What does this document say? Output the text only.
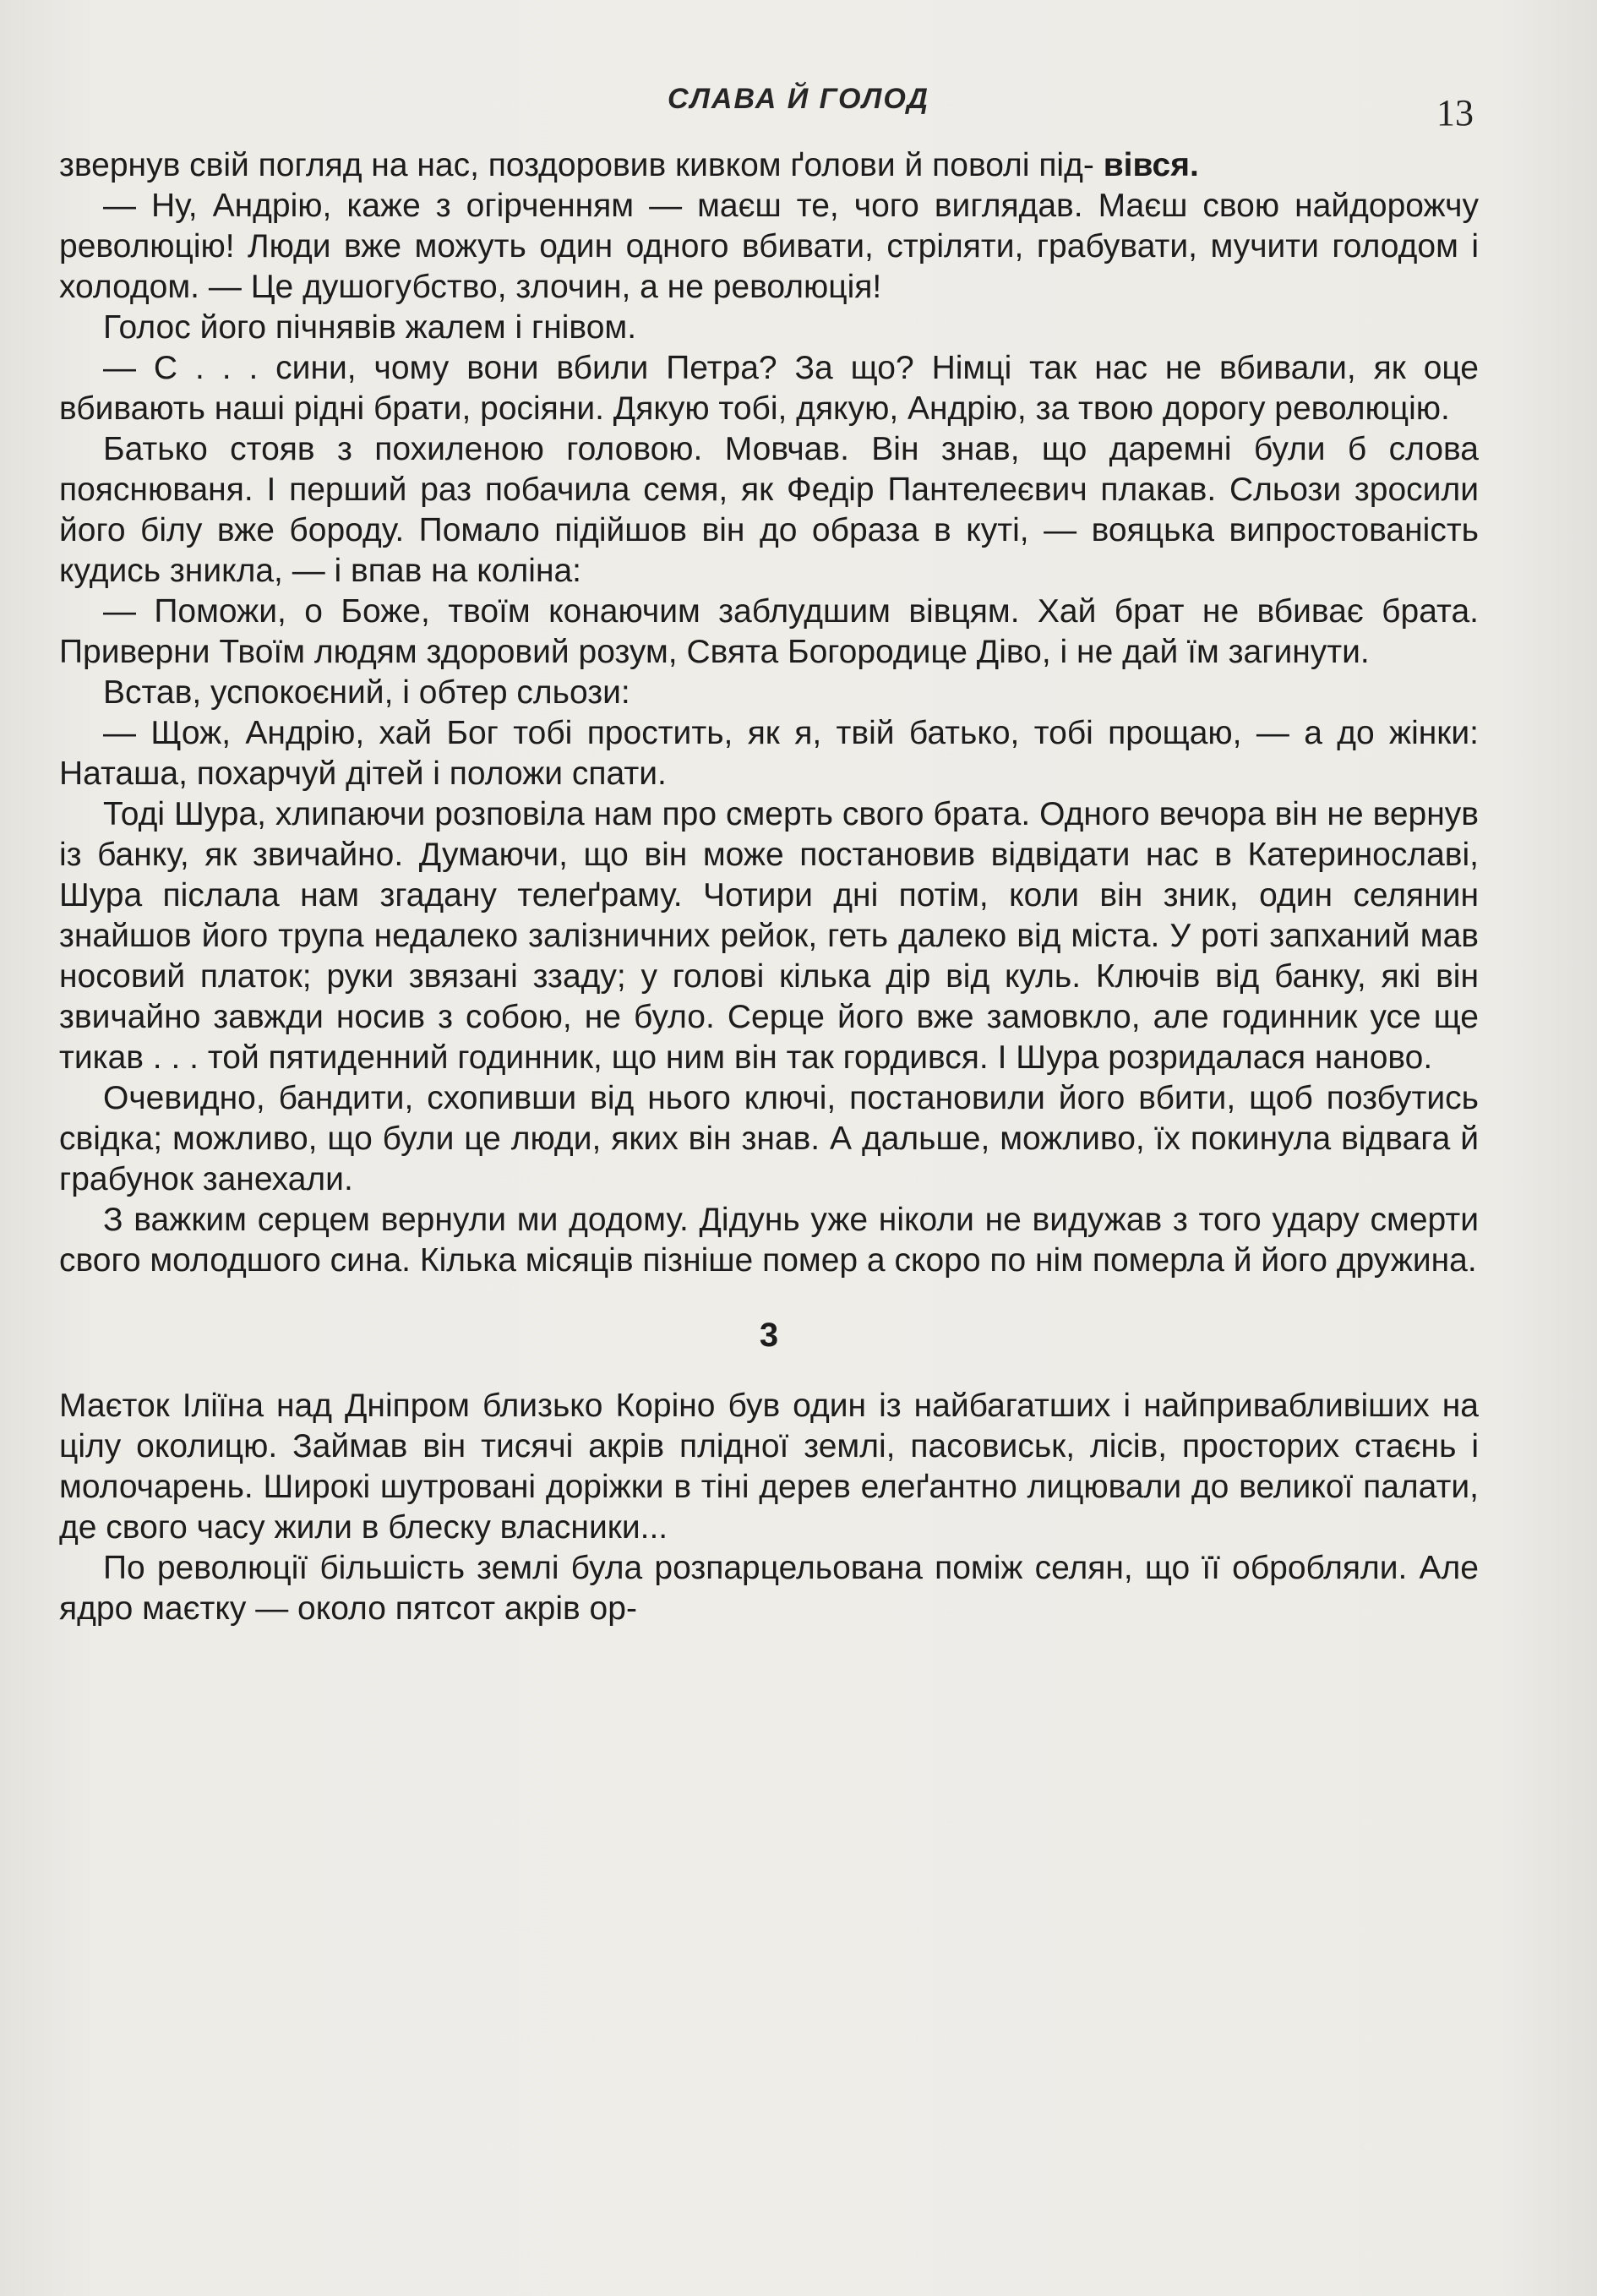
СЛАВА Й ГОЛОД	13

звернув свій погляд на нас, поздоровив кивком ґолови й поволі під- вівся.

— Ну, Андрію, каже з огірченням — маєш те, чого виглядав. Маєш свою найдорожчу революцію! Люди вже можуть один одного вбивати, стріляти, грабувати, мучити голодом і холодом. — Це душогубство, злочин, а не революція!

Голос його пічнявів жалем і гнівом.

— С . . . сини, чому вони вбили Петра? За що? Німці так нас не вбивали, як оце вбивають наші рідні брати, росіяни. Дякую тобі, дякую, Андрію, за твою дорогу революцію.

Батько стояв з похиленою головою. Мовчав. Він знав, що даремні були б слова пояснюваня. І перший раз побачила семя, як Федір Пантелеєвич плакав. Сльози зросили його білу вже бороду. Помало підійшов він до образа в куті, — вояцька випростованість кудись зникла, — і впав на коліна:

— Поможи, о Боже, твоїм конаючим заблудшим вівцям. Хай брат не вбиває брата. Приверни Твоїм людям здоровий розум, Свята Богородице Діво, і не дай їм загинути.

Встав, успокоєний, і обтер сльози:

— Щож, Андрію, хай Бог тобі простить, як я, твій батько, тобі прощаю, — а до жінки: Наташа, похарчуй дітей і положи спати.

Тоді Шура, хлипаючи розповіла нам про смерть свого брата. Одного вечора він не вернув із банку, як звичайно. Думаючи, що він може постановив відвідати нас в Катеринославі, Шура післала нам згадану телеґраму. Чотири дні потім, коли він зник, один селянин знайшов його трупа недалеко залізничних рейок, геть далеко від міста. У роті запханий мав носовий платок; руки звязані ззаду; у голові кілька дір від куль. Ключів від банку, які він звичайно завжди носив з собою, не було. Серце його вже замовкло, але годинник усе ще тикав . . . той пятиденний годинник, що ним він так гордився. І Шура розридалася наново.

Очевидно, бандити, схопивши від нього ключі, постановили його вбити, щоб позбутись свідка; можливо, що були це люди, яких він знав. А дальше, можливо, їх покинула відвага й грабунок занехали.

З важким серцем вернули ми додому. Дідунь уже ніколи не видужав з того удару смерти свого молодшого сина. Кілька місяців пізніше помер а скоро по нім померла й його дружина.

3

Маєток Іліїна над Дніпром близько Коріно був один із найбагатших і найпривабливіших на цілу околицю. Займав він тисячі акрів плідної землі, пасовиськ, лісів, просторих стаєнь і молочарень. Широкі шутровані доріжки в тіні дерев елеґантно лицювали до великої палати, де свого часу жили в блеску власники...

По революції більшість землі була розпарцельована поміж селян, що її обробляли. Але ядро маєтку — около пятсот акрів ор-
